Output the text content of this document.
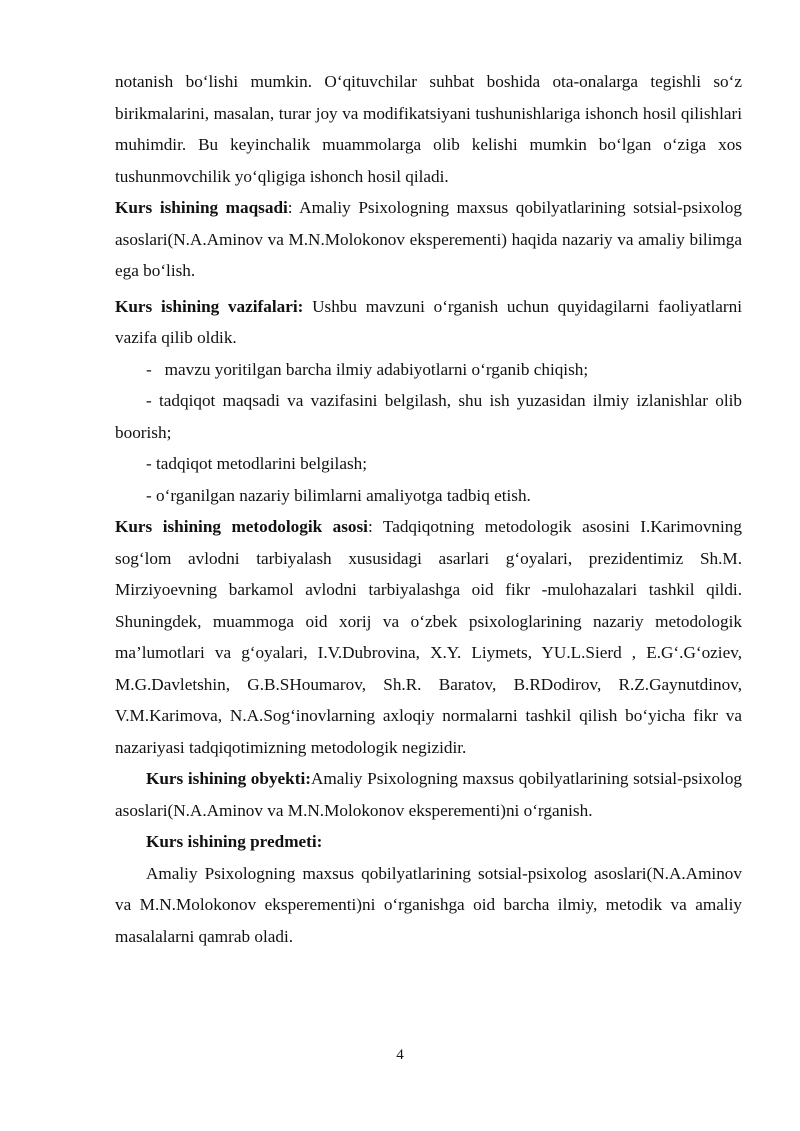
notanish bo‘lishi mumkin. O‘qituvchilar suhbat boshida ota-onalarga tegishli so‘z birikmalarini, masalan, turar joy va modifikatsiyani tushunishlariga ishonch hosil qilishlari muhimdir. Bu keyinchalik muammolarga olib kelishi mumkin bo‘lgan o‘ziga xos tushunmovchilik yo‘qligiga ishonch hosil qiladi.

Kurs ishining maqsadi: Amaliy Psixologning maxsus qobilyatlarining sotsial-psixolog asoslari(N.A.Aminov va M.N.Molokonov eksperementi) haqida nazariy va amaliy bilimga ega bo‘lish.

Kurs ishining vazifalari: Ushbu mavzuni o‘rganish uchun quyidagilarni faoliyatlarni vazifa qilib oldik.

-   mavzu yoritilgan barcha ilmiy adabiyotlarni o‘rganib chiqish;

- tadqiqot maqsadi va vazifasini belgilash, shu ish yuzasidan ilmiy izlanishlar olib boorish;

- tadqiqot metodlarini belgilash;

- o‘rganilgan nazariy bilimlarni amaliyotga tadbiq etish.

Kurs ishining metodologik asosi: Tadqiqotning metodologik asosini I.Karimovning sog‘lom avlodni tarbiyalash xususidagi asarlari g‘oyalari, prezidentimiz Sh.M. Mirziyoevning barkamol avlodni tarbiyalashga oid fikr -mulohazalari tashkil qildi. Shuningdek, muammoga oid xorij va o‘zbek psixologlarining nazariy metodologik ma’lumotlari va g‘oyalari, I.V.Dubrovina, X.Y. Liymets, YU.L.Sierd , E.G‘.G‘oziev, M.G.Davletshin, G.B.SHoumarov, Sh.R. Baratov, B.RDodirov, R.Z.Gaynutdinov, V.M.Karimova, N.A.Sog‘inovlarning axloqiy normalarni tashkil qilish bo‘yicha fikr va nazariyasi tadqiqotimizning metodologik negizidir.

Kurs ishining obyekti:Amaliy Psixologning maxsus qobilyatlarining sotsial-psixolog asoslari(N.A.Aminov va M.N.Molokonov eksperementi)ni o‘rganish.

Kurs ishining predmeti:

Amaliy Psixologning maxsus qobilyatlarining sotsial-psixolog asoslari(N.A.Aminov va M.N.Molokonov eksperementi)ni o‘rganishga oid barcha ilmiy, metodik va amaliy masalalarni qamrab oladi.

4
